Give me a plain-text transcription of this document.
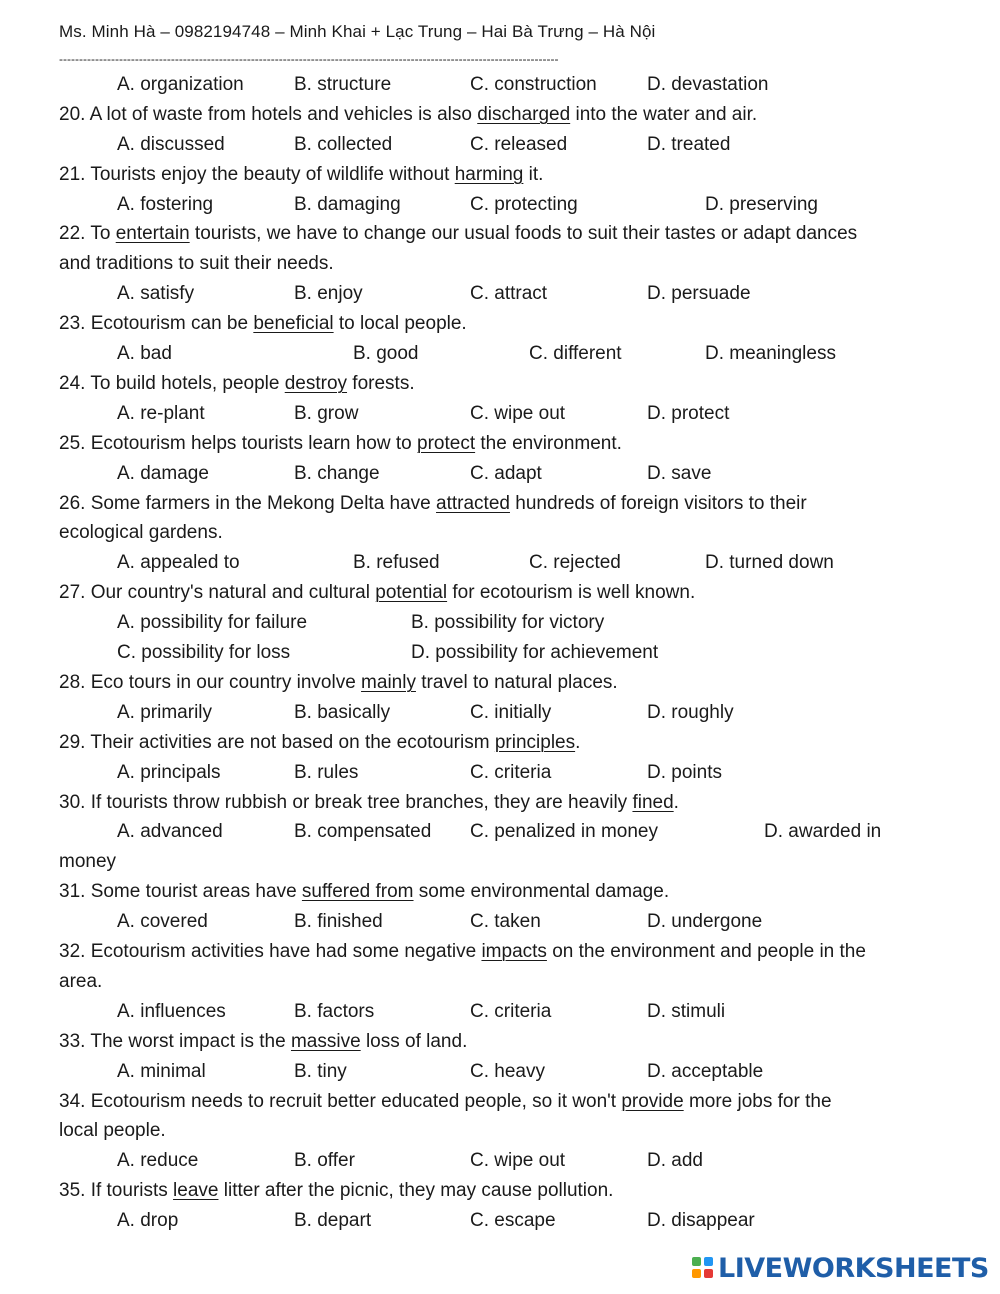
Ms. Minh Hà – 0982194748 – Minh Khai + Lạc Trung – Hai Bà Trưng – Hà Nội
-----------------------------------------------------------------------------------------------------------------------------
A. organization	B. structure	C. construction	D. devastation

20. A lot of waste from hotels and vehicles is also discharged into the water and air.

A. discussed	B. collected	C. released	D. treated

21. Tourists enjoy the beauty of wildlife without harming it.

A. fostering	B. damaging	C. protecting	D. preserving

22. To entertain tourists, we have to change our usual foods to suit their tastes or adapt dances

and traditions to suit their needs.

A. satisfy	B. enjoy	C. attract	D. persuade

23. Ecotourism can be beneficial to local people.

A. bad	B. good	C. different	D. meaningless

24. To build hotels, people destroy forests.

A. re-plant	B. grow	C. wipe out	D. protect

25. Ecotourism helps tourists learn how to protect the environment.

A. damage	B. change	C. adapt	D. save

26. Some farmers in the Mekong Delta have attracted hundreds of foreign visitors to their

ecological gardens.

A. appealed to	B. refused	C. rejected	D. turned down

27. Our country's natural and cultural potential for ecotourism is well known.

A. possibility for failure	B. possibility for victory
C. possibility for loss	D. possibility for achievement

28. Eco tours in our country involve mainly travel to natural places.

A. primarily	B. basically	C. initially	D. roughly

29. Their activities are not based on the ecotourism principles.

A. principals	B. rules	C. criteria	D. points

30. If tourists throw rubbish or break tree branches, they are heavily fined.

A. advanced	B. compensated C. penalized in money	D. awarded in

money

31. Some tourist areas have suffered from some environmental damage.

A. covered	B. finished	C. taken	D. undergone

32. Ecotourism activities have had some negative impacts on the environment and people in the

area.

A. influences	B. factors	C. criteria	D. stimuli

33. The worst impact is the massive loss of land.

A. minimal	B. tiny	C. heavy	D. acceptable

34. Ecotourism needs to recruit better educated people, so it won't provide more jobs for the

local people.

A. reduce	B. offer	C. wipe out	D. add

35. If tourists leave litter after the picnic, they may cause pollution.

A. drop	B. depart	C. escape	D. disappear
LIVEWORKSHEETS
